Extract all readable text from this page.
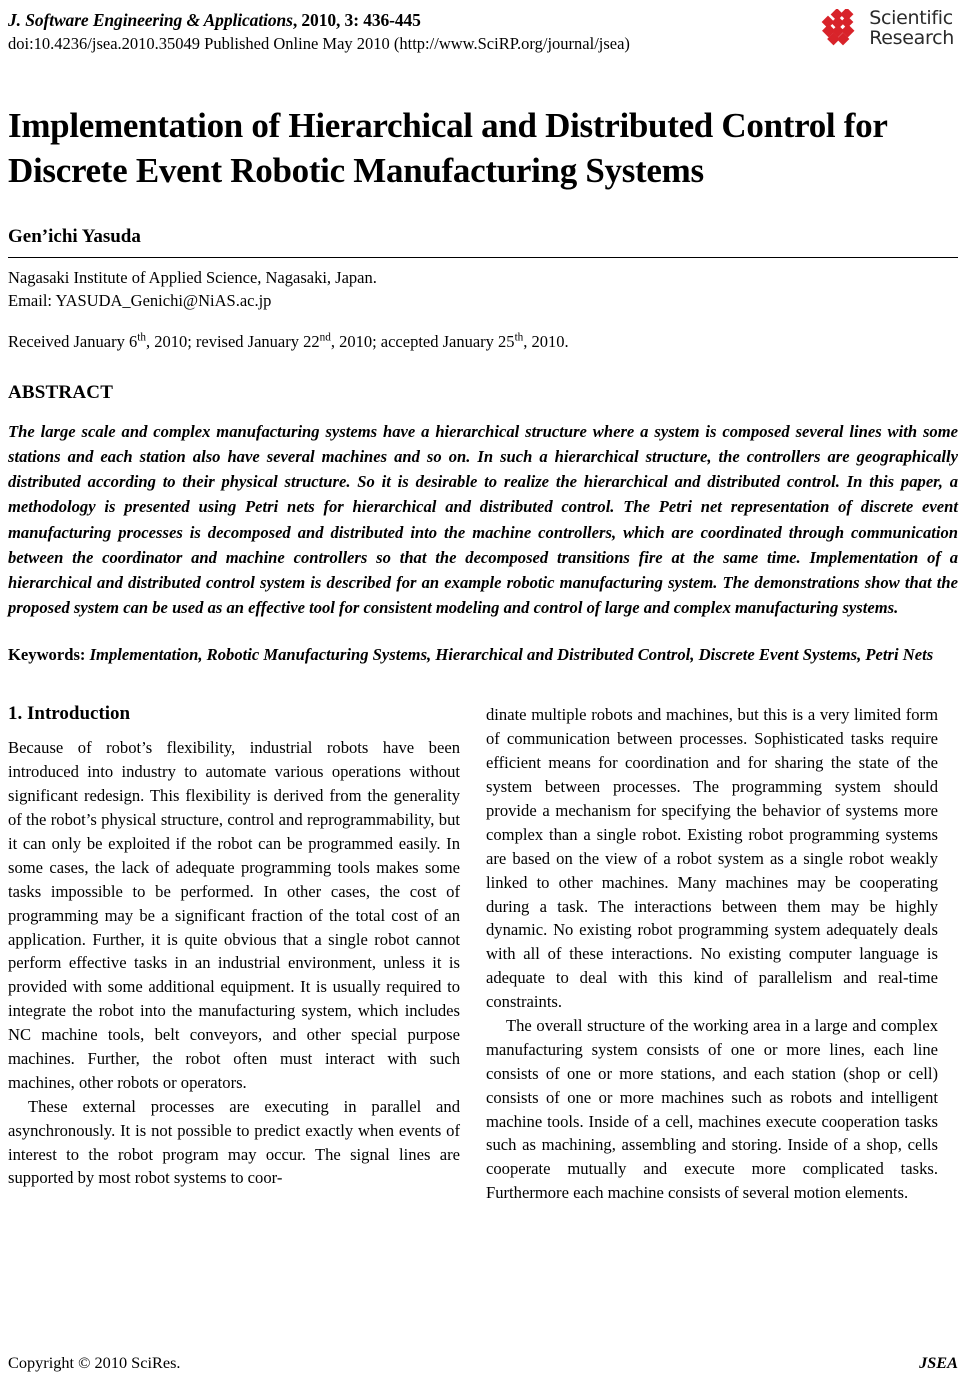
J. Software Engineering & Applications, 2010, 3: 436-445
doi:10.4236/jsea.2010.35049 Published Online May 2010 (http://www.SciRP.org/journal/jsea)
Scientific
Research
Implementation of Hierarchical and Distributed Control for Discrete Event Robotic Manufacturing Systems
Gen’ichi Yasuda
Nagasaki Institute of Applied Science, Nagasaki, Japan.
Email: YASUDA_Genichi@NiAS.ac.jp
Received January 6th, 2010; revised January 22nd, 2010; accepted January 25th, 2010.
ABSTRACT
The large scale and complex manufacturing systems have a hierarchical structure where a system is composed several lines with some stations and each station also have several machines and so on. In such a hierarchical structure, the controllers are geographically distributed according to their physical structure. So it is desirable to realize the hierarchical and distributed control. In this paper, a methodology is presented using Petri nets for hierarchical and distributed control. The Petri net representation of discrete event manufacturing processes is decomposed and distributed into the machine controllers, which are coordinated through communication between the coordinator and machine controllers so that the decomposed transitions fire at the same time. Implementation of a hierarchical and distributed control system is described for an example robotic manufacturing system. The demonstrations show that the proposed system can be used as an effective tool for consistent modeling and control of large and complex manufacturing systems.
Keywords: Implementation, Robotic Manufacturing Systems, Hierarchical and Distributed Control, Discrete Event Systems, Petri Nets
1. Introduction

Because of robot’s flexibility, industrial robots have been introduced into industry to automate various operations without significant redesign. This flexibility is derived from the generality of the robot’s physical structure, control and reprogrammability, but it can only be exploited if the robot can be programmed easily. In some cases, the lack of adequate programming tools makes some tasks impossible to be performed. In other cases, the cost of programming may be a significant fraction of the total cost of an application. Further, it is quite obvious that a single robot cannot perform effective tasks in an industrial environment, unless it is provided with some additional equipment. It is usually required to integrate the robot into the manufacturing system, which includes NC machine tools, belt conveyors, and other special purpose machines. Further, the robot often must interact with such machines, other robots or operators.

These external processes are executing in parallel and asynchronously. It is not possible to predict exactly when events of interest to the robot program may occur. The signal lines are supported by most robot systems to coor-

dinate multiple robots and machines, but this is a very limited form of communication between processes. Sophisticated tasks require efficient means for coordination and for sharing the state of the system between processes. The programming system should provide a mechanism for specifying the behavior of systems more complex than a single robot. Existing robot programming systems are based on the view of a robot system as a single robot weakly linked to other machines. Many machines may be cooperating during a task. The interactions between them may be highly dynamic. No existing robot programming system adequately deals with all of these interactions. No existing computer language is adequate to deal with this kind of parallelism and real-time constraints.

The overall structure of the working area in a large and complex manufacturing system consists of one or more lines, each line consists of one or more stations, and each station (shop or cell) consists of one or more machines such as robots and intelligent machine tools. Inside of a cell, machines execute cooperation tasks such as machining, assembling and storing. Inside of a shop, cells cooperate mutually and execute more complicated tasks. Furthermore each machine consists of several motion elements.

Copyright © 2010 SciRes.	JSEA
